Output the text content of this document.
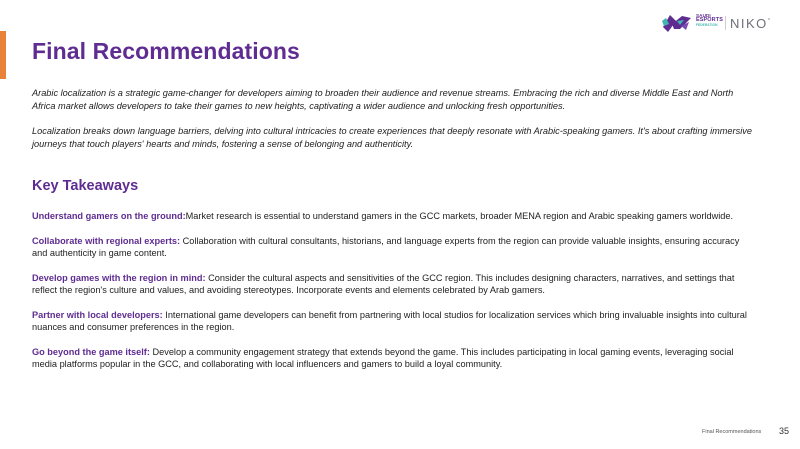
SAUDI
ESPORTS
FEDERATION NIKO°
Final Recommendations

Arabic localization is a strategic game-changer for developers aiming to broaden their audience and revenue streams. Embracing the rich and diverse Middle East and North Africa market allows developers to take their games to new heights, captivating a wider audience and unlocking fresh opportunities.

Localization breaks down language barriers, delving into cultural intricacies to create experiences that deeply resonate with Arabic-speaking gamers. It's about crafting immersive journeys that touch players' hearts and minds, fostering a sense of belonging and authenticity.

Key Takeaways

Understand gamers on the ground:Market research is essential to understand gamers in the GCC markets, broader MENA region and Arabic speaking gamers worldwide.

Collaborate with regional experts: Collaboration with cultural consultants, historians, and language experts from the region can provide valuable insights, ensuring accuracy and authenticity in game content.

Develop games with the region in mind: Consider the cultural aspects and sensitivities of the GCC region. This includes designing characters, narratives, and settings that reflect the region's culture and values, and avoiding stereotypes. Incorporate events and elements celebrated by Arab gamers.

Partner with local developers: International game developers can benefit from partnering with local studios for localization services which bring invaluable insights into cultural nuances and consumer preferences in the region.

Go beyond the game itself: Develop a community engagement strategy that extends beyond the game. This includes participating in local gaming events, leveraging social media platforms popular in the GCC, and collaborating with local influencers and gamers to build a loyal community.

Final Recommendations 35
